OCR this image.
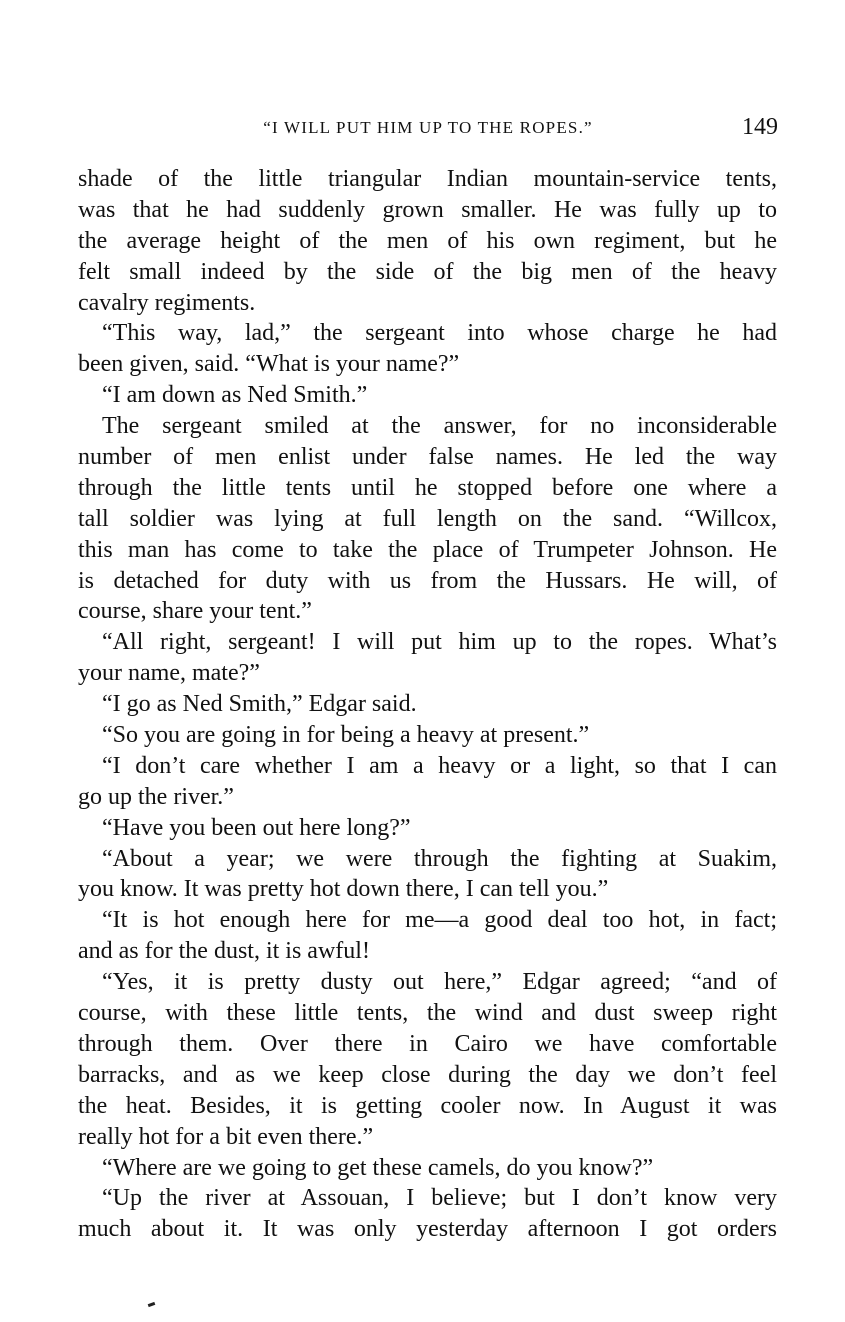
“I WILL PUT HIM UP TO THE ROPES.”	149
shade of the little triangular Indian mountain-service tents,
was that he had suddenly grown smaller. He was fully up to
the average height of the men of his own regiment, but he
felt small indeed by the side of the big men of the heavy
cavalry regiments.
“This way, lad,” the sergeant into whose charge he had
been given, said. “What is your name?”
“I am down as Ned Smith.”
The sergeant smiled at the answer, for no inconsiderable
number of men enlist under false names. He led the way
through the little tents until he stopped before one where a
tall soldier was lying at full length on the sand. “Willcox,
this man has come to take the place of Trumpeter Johnson. He
is detached for duty with us from the Hussars. He will, of
course, share your tent.”
“All right, sergeant! I will put him up to the ropes. What’s
your name, mate?”
“I go as Ned Smith,” Edgar said.
“So you are going in for being a heavy at present.”
“I don’t care whether I am a heavy or a light, so that I can
go up the river.”
“Have you been out here long?”
“About a year; we were through the fighting at Suakim,
you know. It was pretty hot down there, I can tell you.”
“It is hot enough here for me—a good deal too hot, in fact;
and as for the dust, it is awful!
“Yes, it is pretty dusty out here,” Edgar agreed; “and of
course, with these little tents, the wind and dust sweep right
through them. Over there in Cairo we have comfortable
barracks, and as we keep close during the day we don’t feel
the heat. Besides, it is getting cooler now. In August it was
really hot for a bit even there.”
“Where are we going to get these camels, do you know?”
“Up the river at Assouan, I believe; but I don’t know very
much about it. It was only yesterday afternoon I got orders
